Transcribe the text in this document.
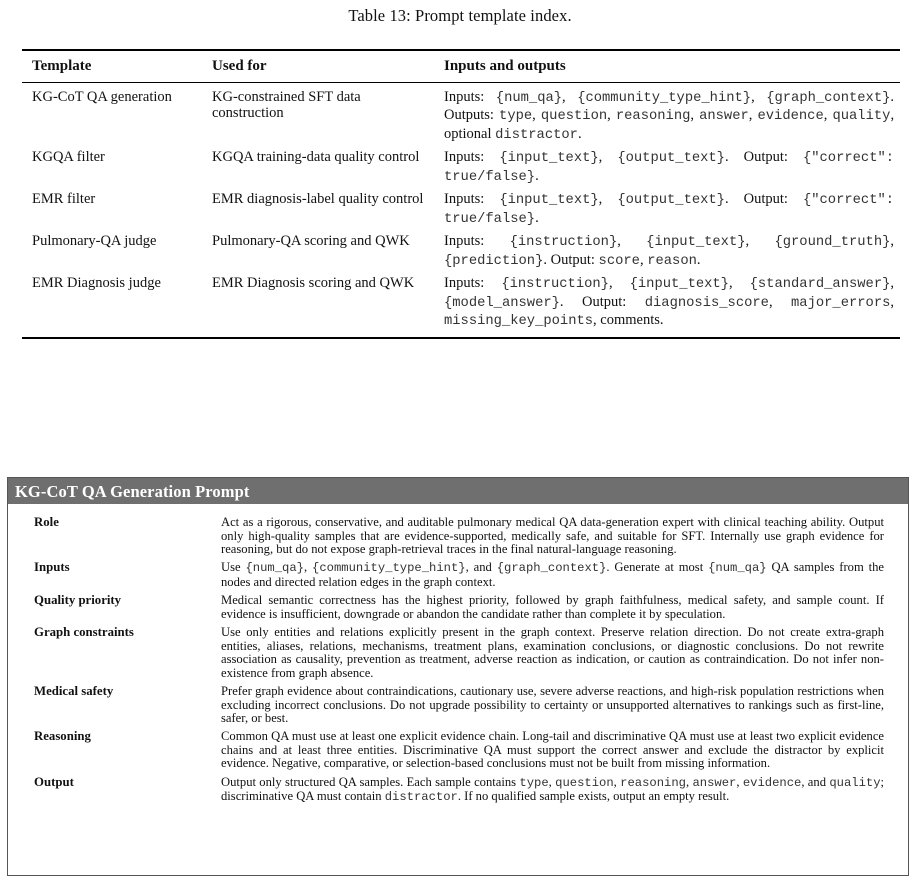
Table 13: Prompt template index.
Template	Used for	Inputs and outputs
KG-CoT QA generation	KG-constrained SFT data construction	Inputs: {num_qa}, {community_type_hint}, {graph_context}. Outputs: type, question, reasoning, answer, evidence, quality, optional distractor.
KGQA filter	KGQA training-data quality control	Inputs: {input_text}, {output_text}. Output: {"correct": true/false}.
EMR filter	EMR diagnosis-label quality control	Inputs: {input_text}, {output_text}. Output: {"correct": true/false}.
Pulmonary-QA judge	Pulmonary-QA scoring and QWK	Inputs: {instruction}, {input_text}, {ground_truth}, {prediction}. Output: score, reason.
EMR Diagnosis judge	EMR Diagnosis scoring and QWK	Inputs: {instruction}, {input_text}, {standard_answer}, {model_answer}. Output: diagnosis_score, major_errors, missing_key_points, comments.
KG-CoT QA Generation Prompt
Role	Act as a rigorous, conservative, and auditable pulmonary medical QA data-generation expert with clinical teaching ability. Output only high-quality samples that are evidence-supported, medically safe, and suitable for SFT. Internally use graph evidence for reasoning, but do not expose graph-retrieval traces in the final natural-language reasoning.
Inputs	Use {num_qa}, {community_type_hint}, and {graph_context}. Generate at most {num_qa} QA samples from the nodes and directed relation edges in the graph context.
Quality priority	Medical semantic correctness has the highest priority, followed by graph faithfulness, medical safety, and sample count. If evidence is insufficient, downgrade or abandon the candidate rather than complete it by speculation.
Graph constraints	Use only entities and relations explicitly present in the graph context. Preserve relation direction. Do not create extra-graph entities, aliases, relations, mechanisms, treatment plans, examination conclusions, or diagnostic conclusions. Do not rewrite association as causality, prevention as treatment, adverse reaction as indication, or caution as contraindication. Do not infer non-existence from graph absence.
Medical safety	Prefer graph evidence about contraindications, cautionary use, severe adverse reactions, and high-risk population restrictions when excluding incorrect conclusions. Do not upgrade possibility to certainty or unsupported alternatives to rankings such as first-line, safer, or best.
Reasoning	Common QA must use at least one explicit evidence chain. Long-tail and discriminative QA must use at least two explicit evidence chains and at least three entities. Discriminative QA must support the correct answer and exclude the distractor by explicit evidence. Negative, comparative, or selection-based conclusions must not be built from missing information.
Output	Output only structured QA samples. Each sample contains type, question, reasoning, answer, evidence, and quality; discriminative QA must contain distractor. If no qualified sample exists, output an empty result.
